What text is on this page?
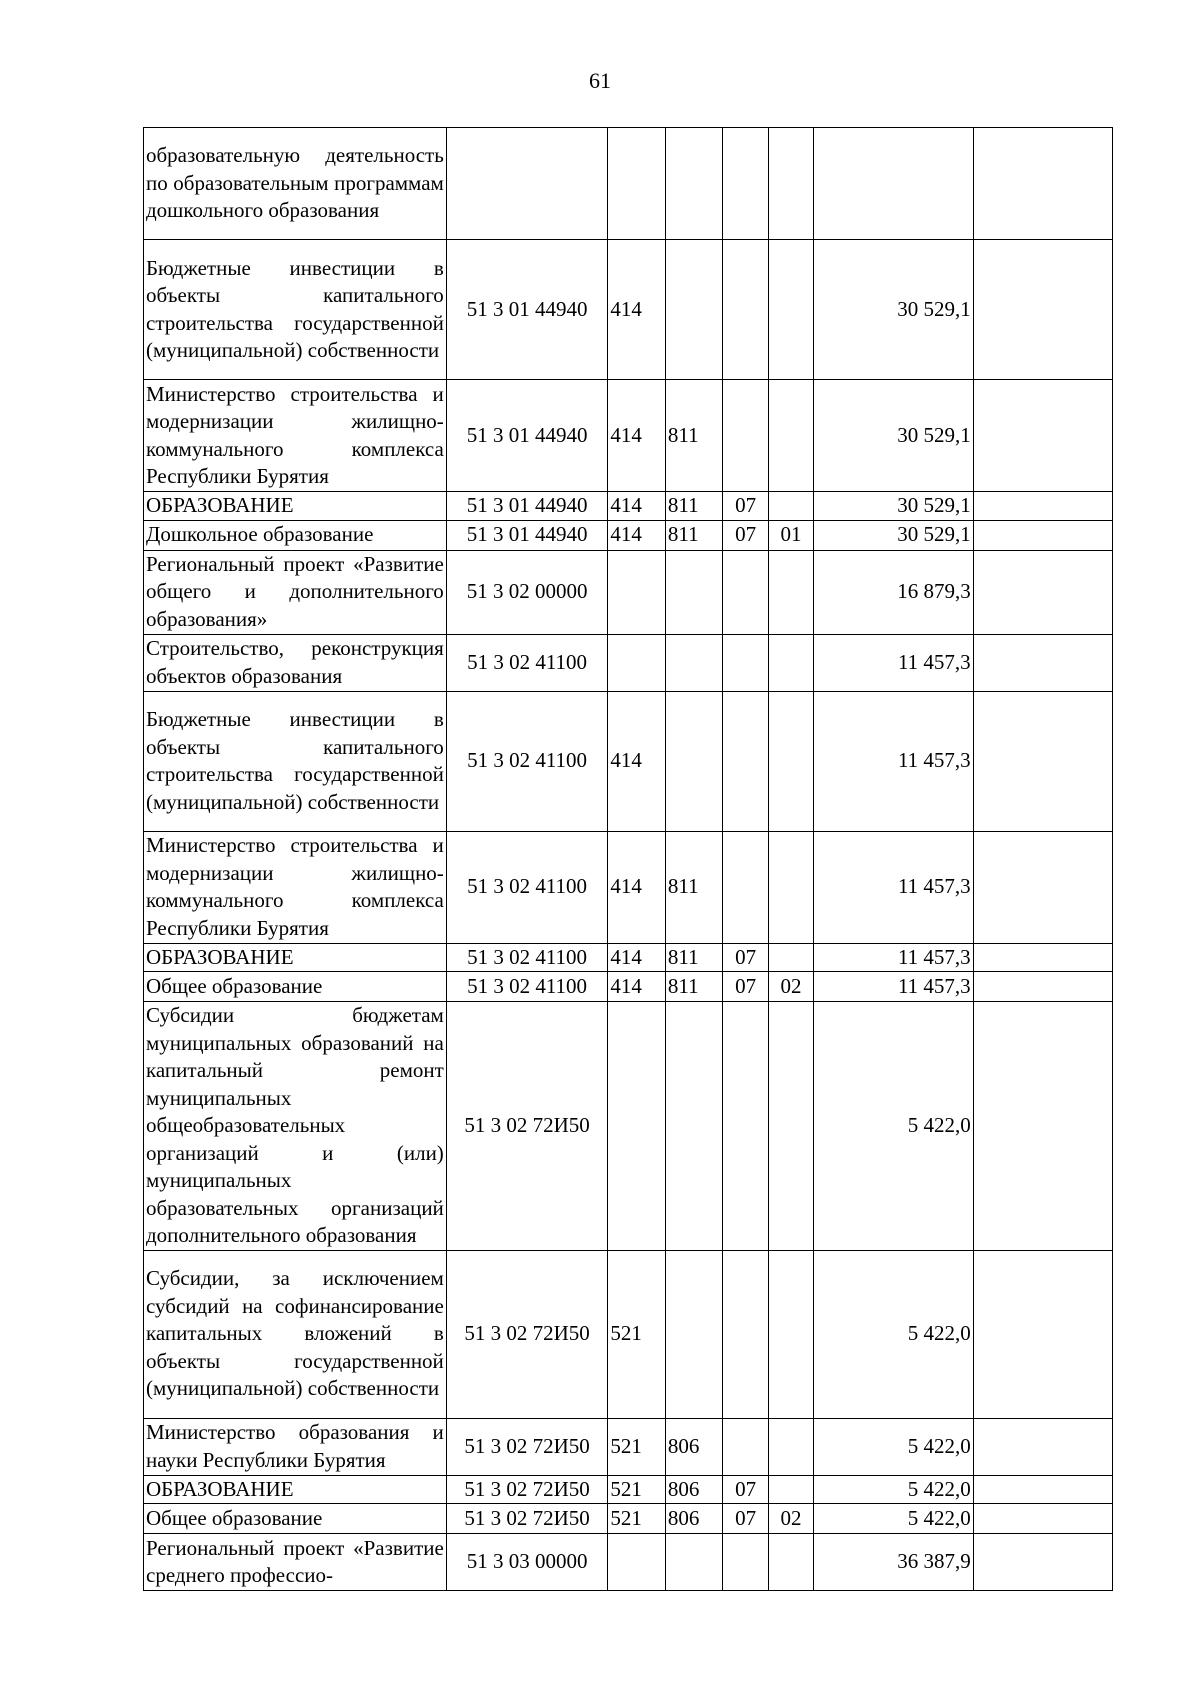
61
образовательную деятельность по образовательным программам дошкольного образования							
Бюджетные инвестиции в объекты капитального строительства государственной (муниципальной) собственности	51 3 01 44940	414				30 529,1	
Министерство строительства и модернизации жилищно-коммунального комплекса Республики Бурятия	51 3 01 44940	414	811			30 529,1	
ОБРАЗОВАНИЕ	51 3 01 44940	414	811	07		30 529,1	
Дошкольное образование	51 3 01 44940	414	811	07	01	30 529,1	
Региональный проект «Развитие общего и дополнительного образования»	51 3 02 00000					16 879,3	
Строительство, реконструкция объектов образования	51 3 02 41100					11 457,3	
Бюджетные инвестиции в объекты капитального строительства государственной (муниципальной) собственности	51 3 02 41100	414				11 457,3	
Министерство строительства и модернизации жилищно-коммунального комплекса Республики Бурятия	51 3 02 41100	414	811			11 457,3	
ОБРАЗОВАНИЕ	51 3 02 41100	414	811	07		11 457,3	
Общее образование	51 3 02 41100	414	811	07	02	11 457,3	
Субсидии бюджетам муниципальных образований на капитальный ремонт муниципальных общеобразовательных организаций и (или) муниципальных образовательных организаций дополнительного образования	51 3 02 72И50					5 422,0	
Субсидии, за исключением субсидий на софинансирование капитальных вложений в объекты государственной (муниципальной) собственности	51 3 02 72И50	521				5 422,0	
Министерство образования и науки Республики Бурятия	51 3 02 72И50	521	806			5 422,0	
ОБРАЗОВАНИЕ	51 3 02 72И50	521	806	07		5 422,0	
Общее образование	51 3 02 72И50	521	806	07	02	5 422,0	
Региональный проект «Развитие среднего профессио-	51 3 03 00000					36 387,9	
